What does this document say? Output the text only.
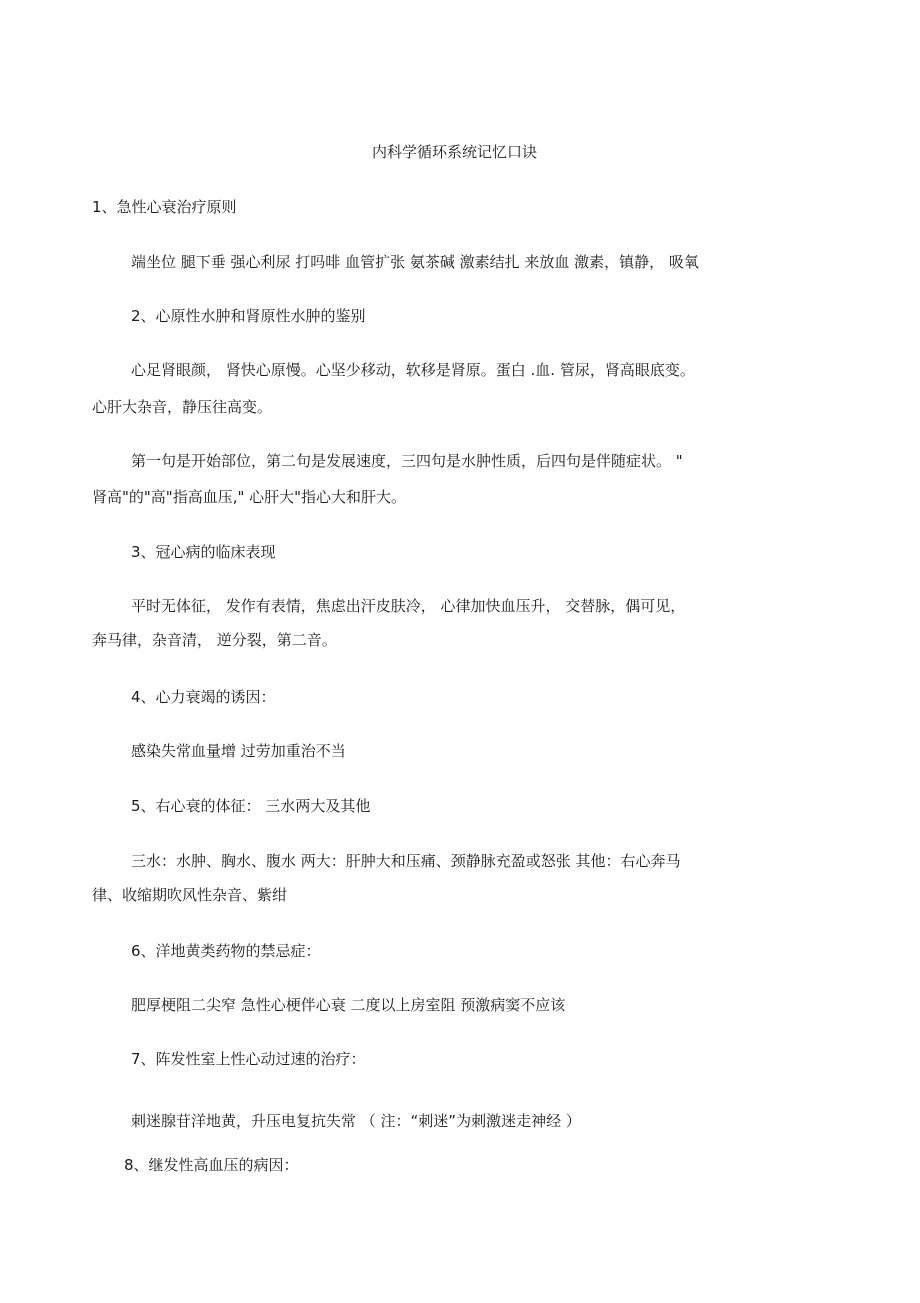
内科学循环系统记忆口诀
1、急性心衰治疗原则
端坐位 腿下垂 强心利尿 打吗啡 血管扩张 氨茶碱 激素结扎 来放血 激素，镇静， 吸氧
2、心原性水肿和肾原性水肿的鉴别
心足肾眼颜， 肾快心原慢。心坚少移动，软移是肾原。蛋白 .血. 管尿，肾高眼底变。
心肝大杂音，静压往高变。
第一句是开始部位，第二句是发展速度，三四句是水肿性质，后四句是伴随症状。 "
肾高"的"高"指高血压," 心肝大"指心大和肝大。
3、冠心病的临床表现
平时无体征， 发作有表情，焦虑出汗皮肤冷， 心律加快血压升， 交替脉，偶可见，
奔马律，杂音清， 逆分裂，第二音。
4、心力衰竭的诱因：
感染失常血量增 过劳加重治不当
5、右心衰的体征： 三水两大及其他
三水：水肿、胸水、腹水 两大：肝肿大和压痛、颈静脉充盈或怒张 其他：右心奔马
律、收缩期吹风性杂音、紫绀
6、洋地黄类药物的禁忌症：
肥厚梗阻二尖窄 急性心梗伴心衰 二度以上房室阻 预激病窦不应该
7、阵发性室上性心动过速的治疗：
刺迷腺苷洋地黄，升压电复抗失常 （ 注：“刺迷”为刺激迷走神经 ）
8、继发性高血压的病因：
